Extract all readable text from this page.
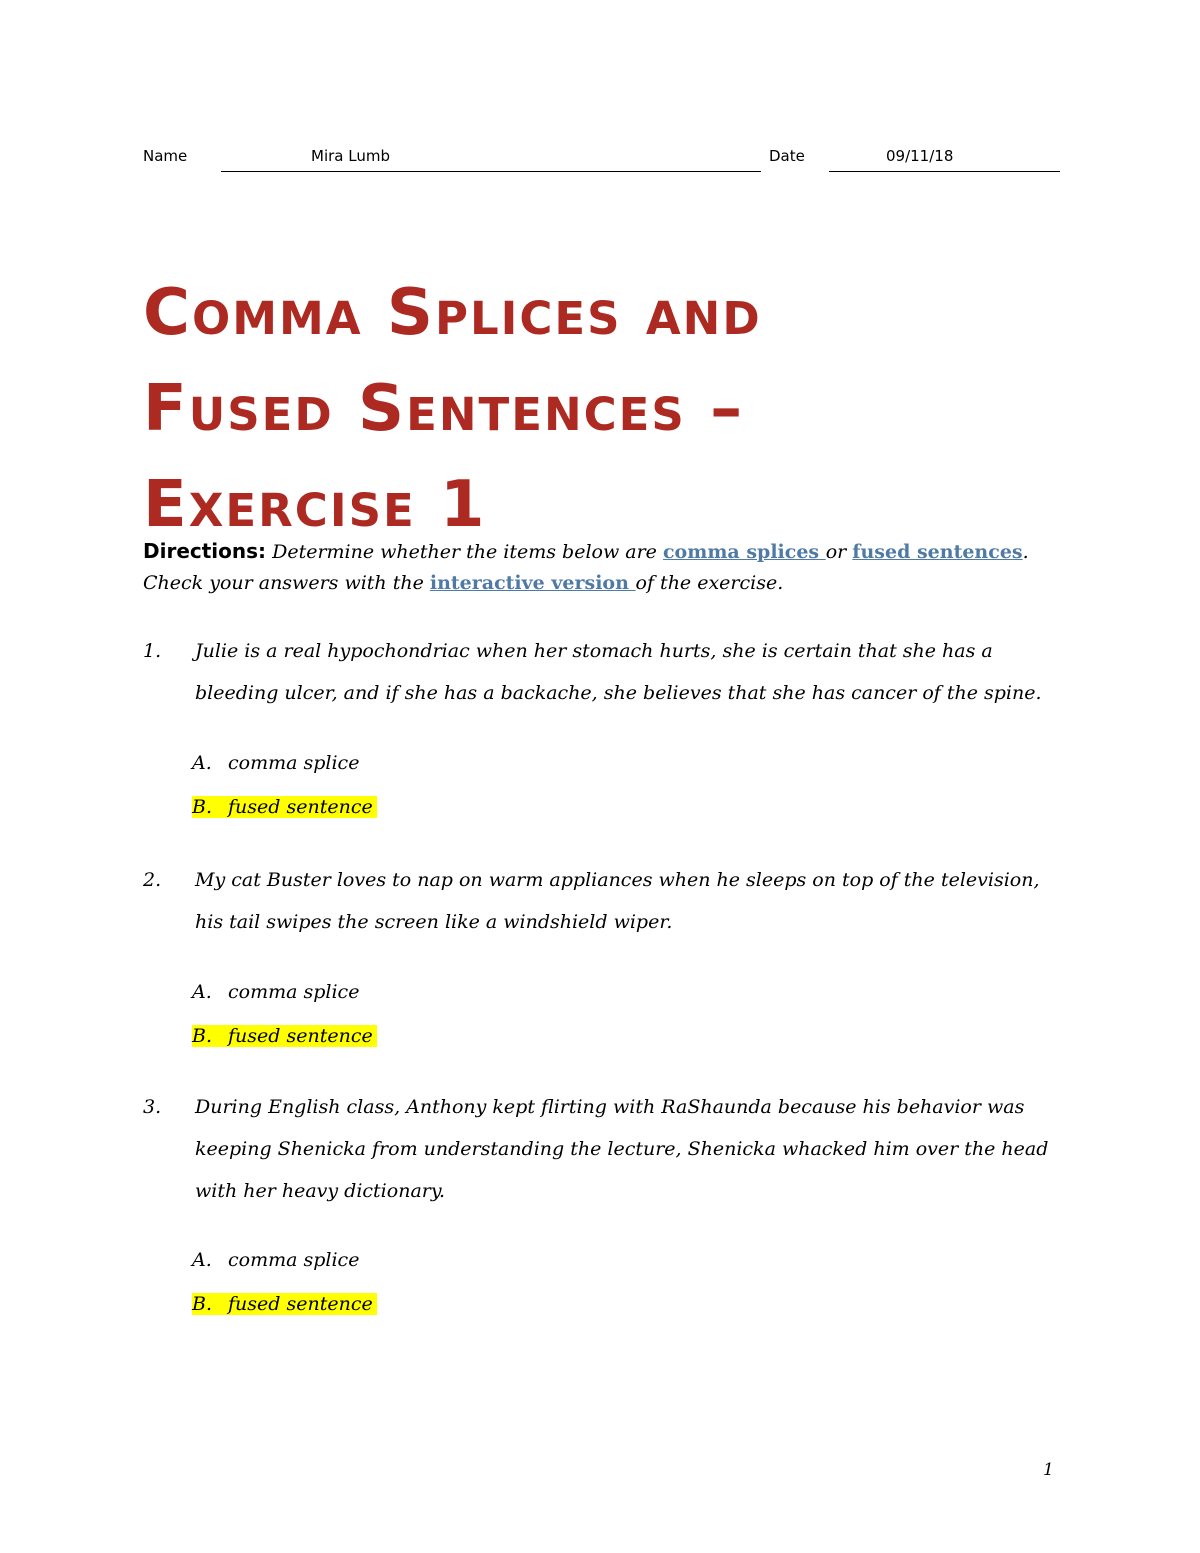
Name	Mira Lumb	Date	09/11/18
Comma Splices and
Fused Sentences –
Exercise 1
Directions: Determine whether the items below are comma splices or fused sentences.
Check your answers with the interactive version of the exercise.
1. Julie is a real hypochondriac when her stomach hurts, she is certain that she has a bleeding ulcer, and if she has a backache, she believes that she has cancer of the spine.
A. comma splice
B. fused sentence
2. My cat Buster loves to nap on warm appliances when he sleeps on top of the television, his tail swipes the screen like a windshield wiper.
A. comma splice
B. fused sentence
3. During English class, Anthony kept flirting with RaShaunda because his behavior was keeping Shenicka from understanding the lecture, Shenicka whacked him over the head with her heavy dictionary.
A. comma splice
B. fused sentence
1
